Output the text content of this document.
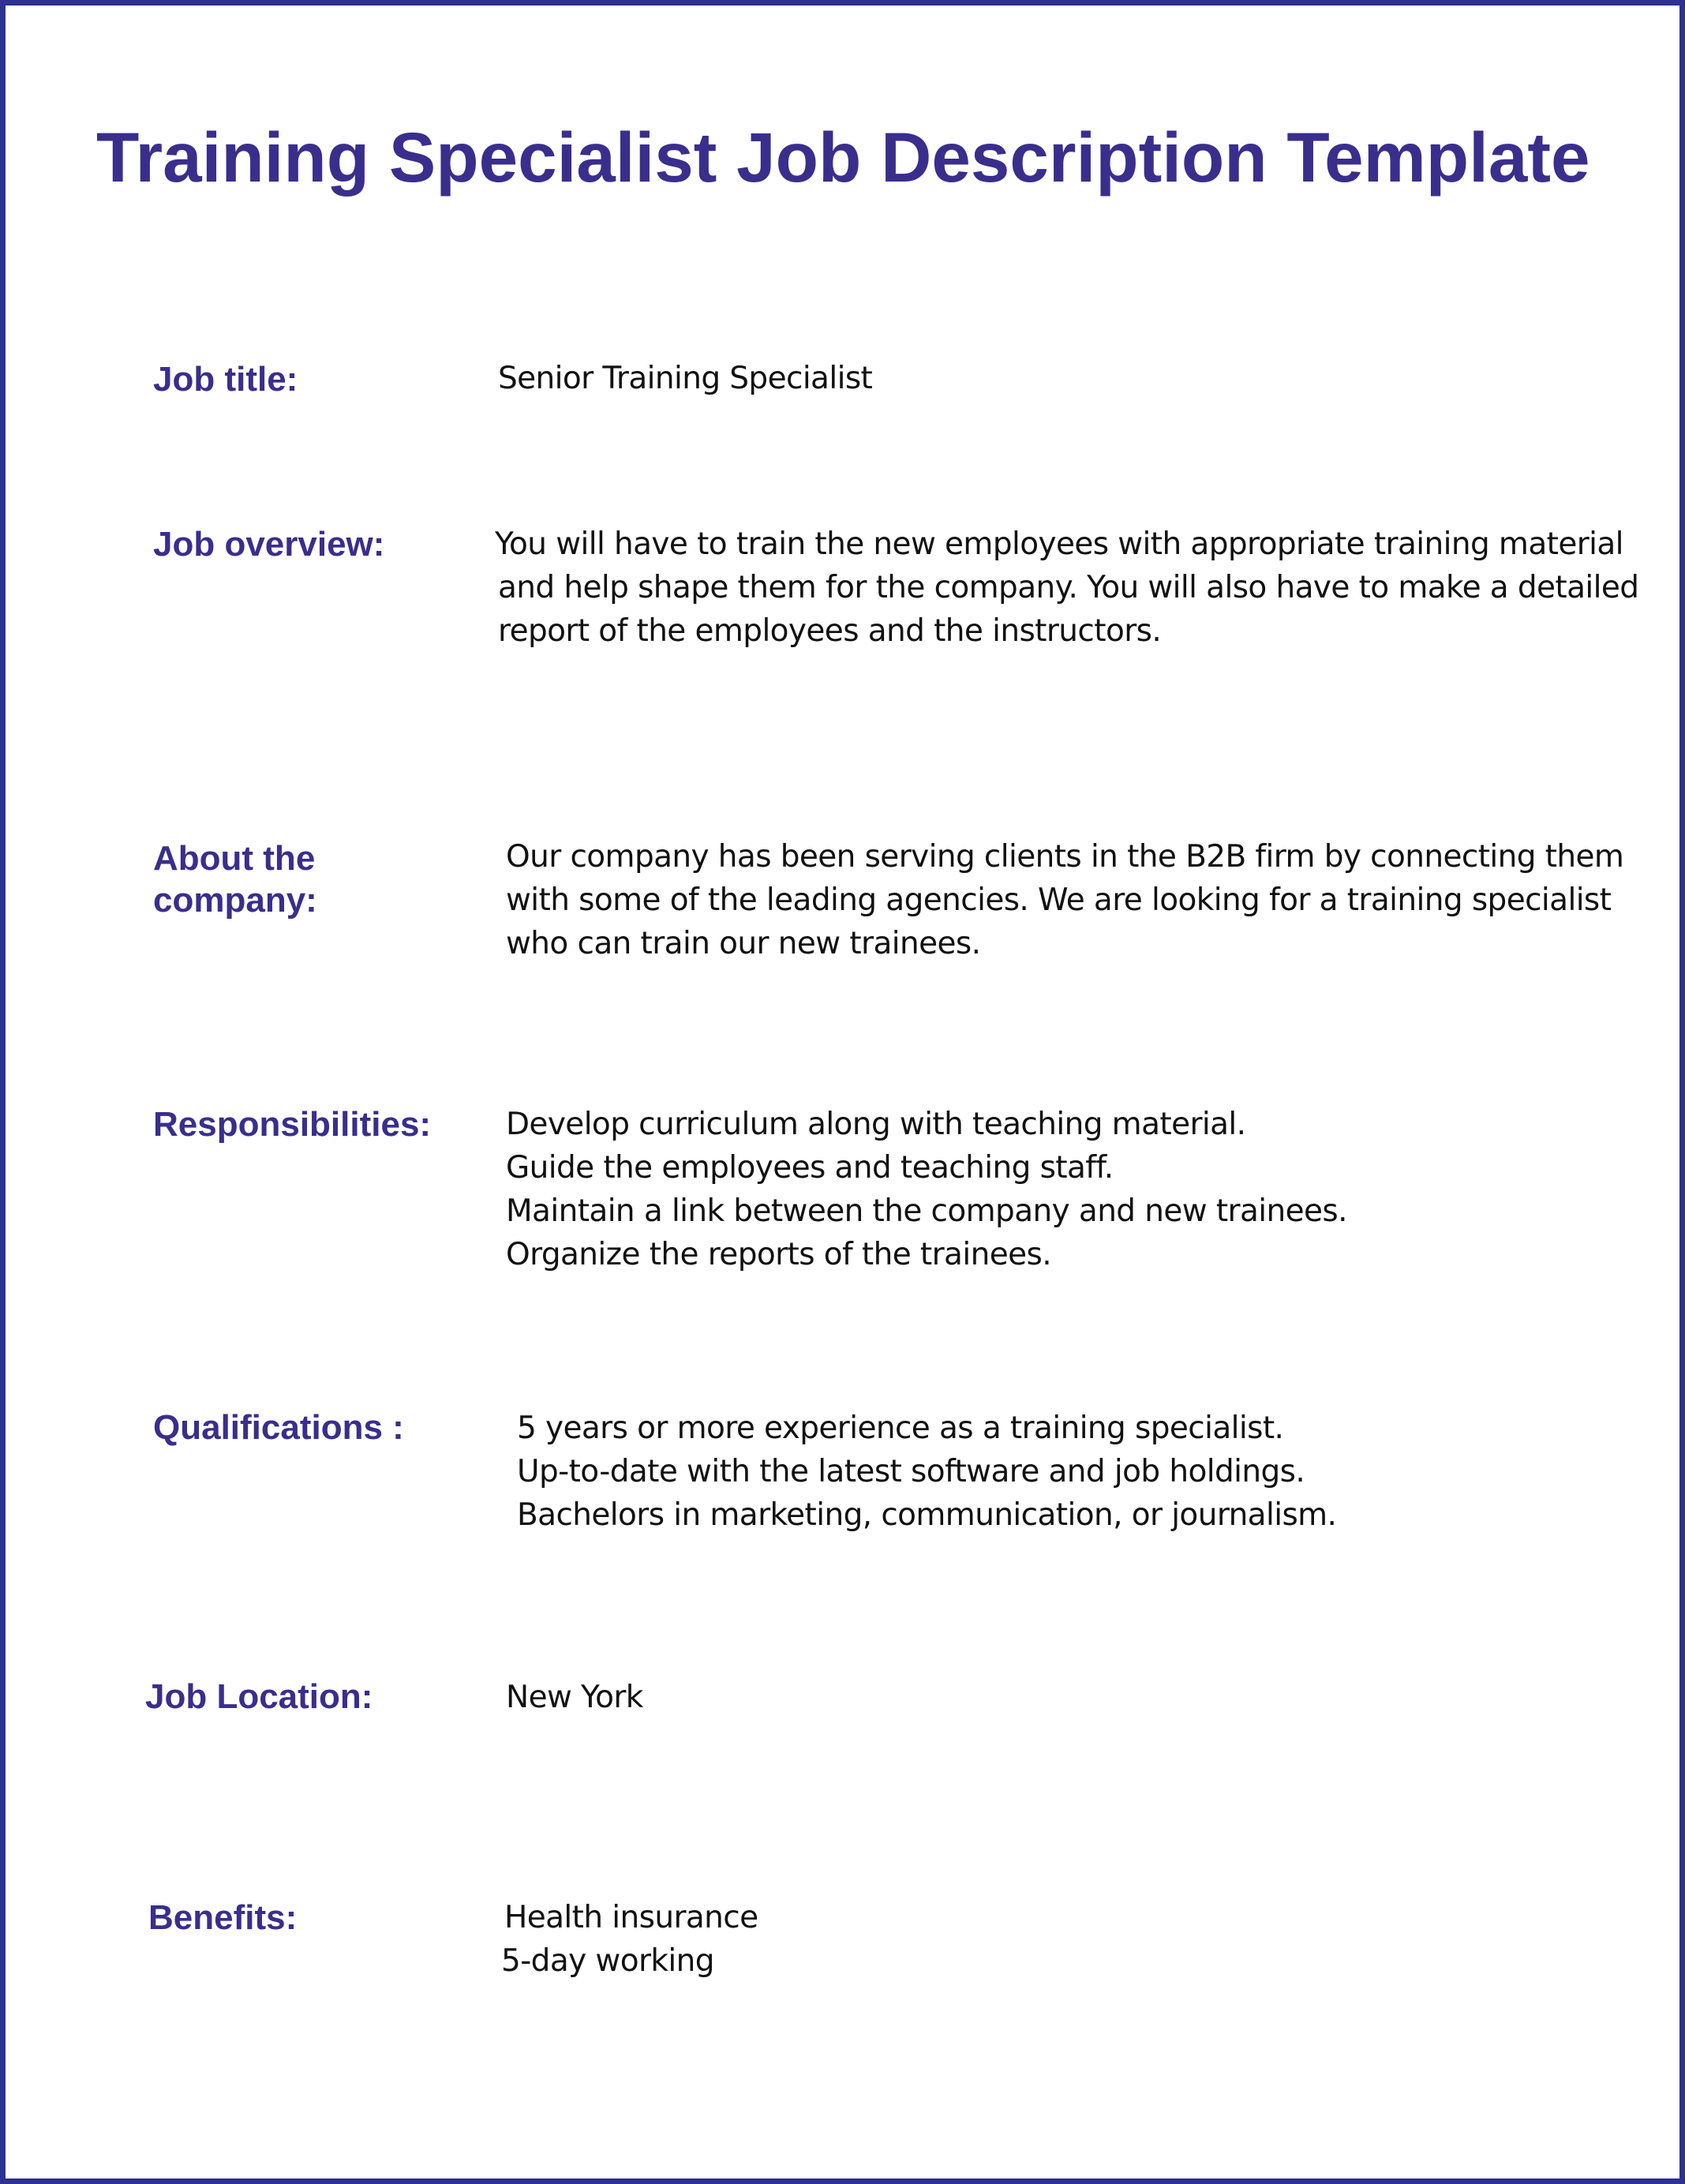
Training Specialist Job Description Template
Job title:	Senior Training Specialist
Job overview:	You will have to train the new employees with appropriate training material
and help shape them for the company. You will also have to make a detailed
report of the employees and the instructors.
About the
company:
Our company has been serving clients in the B2B firm by connecting them
with some of the leading agencies. We are looking for a training specialist
who can train our new trainees.
Responsibilities: Develop curriculum along with teaching material.
Guide the employees and teaching staff.
Maintain a link between the company and new trainees.
Organize the reports of the trainees.
Qualifications :	5 years or more experience as a training specialist.
Up-to-date with the latest software and job holdings.
Bachelors in marketing, communication, or journalism.
Job Location:	New York
Benefits:	Health insurance
5-day working
